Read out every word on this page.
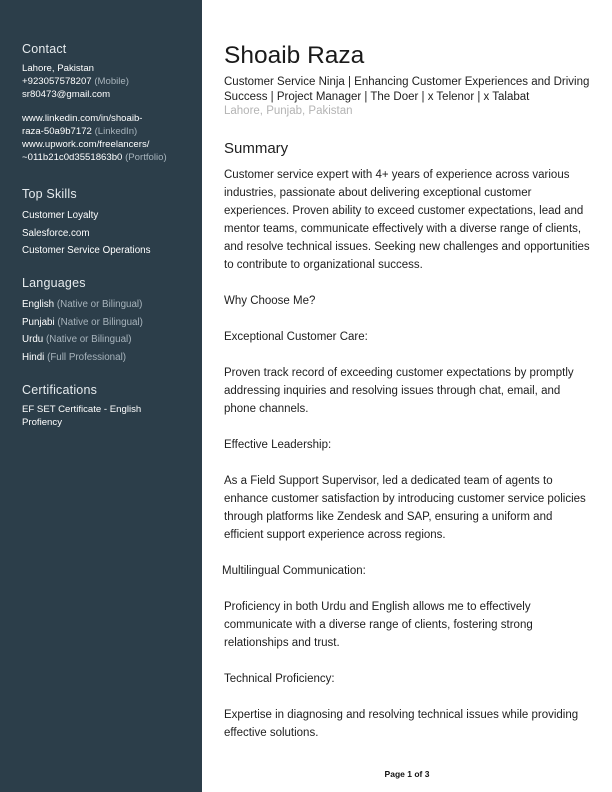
Contact
Lahore, Pakistan
+923057578207 (Mobile)
sr80473@gmail.com
www.linkedin.com/in/shoaib-
raza-50a9b7172 (LinkedIn)
www.upwork.com/freelancers/
~011b21c0d3551863b0 (Portfolio)
Top Skills
Customer Loyalty
Salesforce.com
Customer Service Operations
Languages
English (Native or Bilingual)
Punjabi (Native or Bilingual)
Urdu (Native or Bilingual)
Hindi (Full Professional)
Certifications
EF SET Certificate - English
Profiency
Shoaib Raza
Customer Service Ninja | Enhancing Customer Experiences and Driving Success | Project Manager | The Doer | x Telenor | x Talabat
Lahore, Punjab, Pakistan
Summary

Customer service expert with 4+ years of experience across various industries, passionate about delivering exceptional customer experiences. Proven ability to exceed customer expectations, lead and mentor teams, communicate effectively with a diverse range of clients, and resolve technical issues. Seeking new challenges and opportunities to contribute to organizational success.

Why Choose Me?

Exceptional Customer Care:

Proven track record of exceeding customer expectations by promptly addressing inquiries and resolving issues through chat, email, and phone channels.

Effective Leadership:

As a Field Support Supervisor, led a dedicated team of agents to enhance customer satisfaction by introducing customer service policies through platforms like Zendesk and SAP, ensuring a uniform and efficient support experience across regions.

Multilingual Communication:

Proficiency in both Urdu and English allows me to effectively communicate with a diverse range of clients, fostering strong relationships and trust.

Technical Proficiency:

Expertise in diagnosing and resolving technical issues while providing effective solutions.

Page 1 of 3
